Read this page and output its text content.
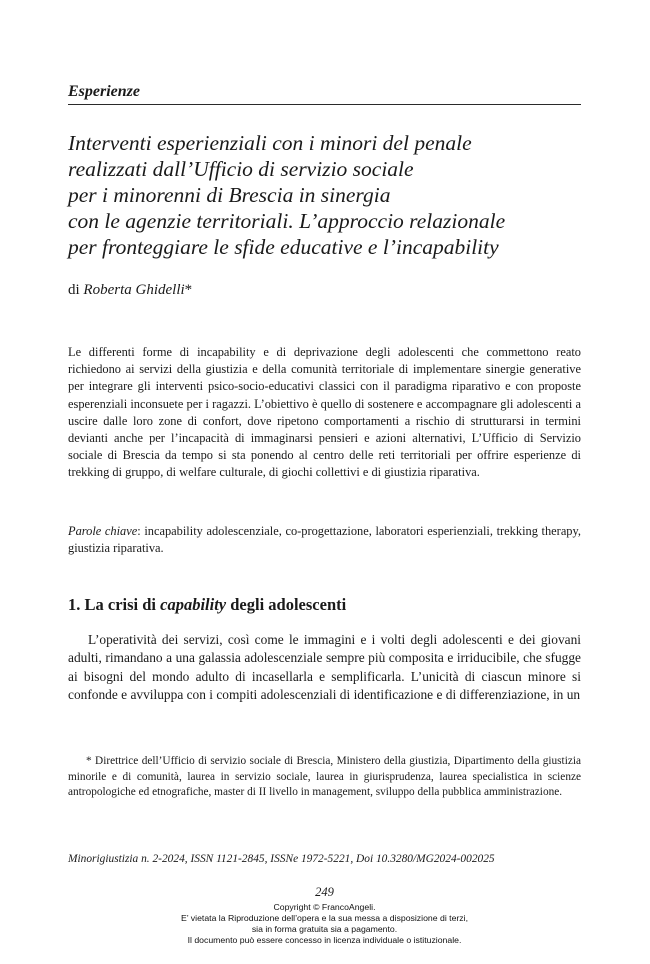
Esperienze
Interventi esperienziali con i minori del penale
realizzati dall’Ufficio di servizio sociale
per i minorenni di Brescia in sinergia
con le agenzie territoriali. L’approccio relazionale
per fronteggiare le sfide educative e l’incapability
di Roberta Ghidelli*

Le differenti forme di incapability e di deprivazione degli adolescenti che commettono reato richiedono ai servizi della giustizia e della comunità territoriale di implementare sinergie generative per integrare gli interventi psico-socio-educativi classici con il paradigma riparativo e con proposte esperenziali inconsuete per i ragazzi. L’obiettivo è quello di sostenere e accompagnare gli adolescenti a uscire dalle loro zone di confort, dove ripetono comportamenti a rischio di strutturarsi in termini devianti anche per l’incapacità di immaginarsi pensieri e azioni alternativi, L’Ufficio di Servizio sociale di Brescia da tempo si sta ponendo al centro delle reti territoriali per offrire esperienze di trekking di gruppo, di welfare culturale, di giochi collettivi e di giustizia riparativa.

Parole chiave: incapability adolescenziale, co-progettazione, laboratori esperienziali, trekking therapy, giustizia riparativa.

1. La crisi di capability degli adolescenti

L’operatività dei servizi, così come le immagini e i volti degli adolescenti e dei giovani adulti, rimandano a una galassia adolescenziale sempre più composita e irriducibile, che sfugge ai bisogni del mondo adulto di incasellarla e semplificarla. L’unicità di ciascun minore si confonde e avviluppa con i compiti adolescenziali di identificazione e di differenziazione, in un

* Direttrice dell’Ufficio di servizio sociale di Brescia, Ministero della giustizia, Dipartimento della giustizia minorile e di comunità, laurea in servizio sociale, laurea in giurisprudenza, laurea specialistica in scienze antropologiche ed etnografiche, master di II livello in management, sviluppo della pubblica amministrazione.

Minorigiustizia n. 2-2024, ISSN 1121-2845, ISSNe 1972-5221, Doi 10.3280/MG2024-002025
249
Copyright © FrancoAngeli.
E’ vietata la Riproduzione dell’opera e la sua messa a disposizione di terzi,
sia in forma gratuita sia a pagamento.
Il documento può essere concesso in licenza individuale o istituzionale.
